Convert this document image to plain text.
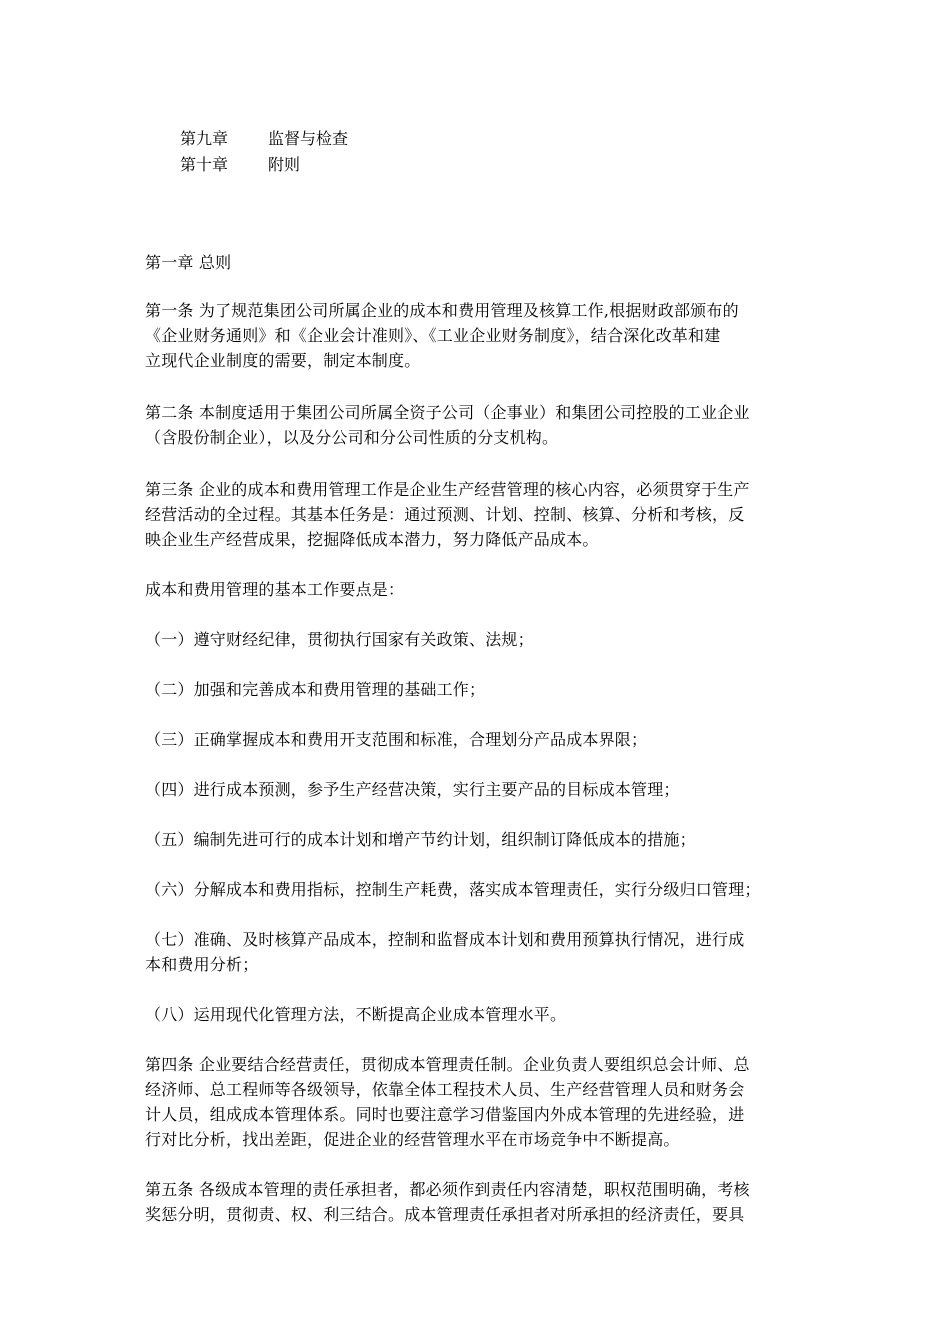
第九章 监督与检查
第十章 附则
第一章 总则
第一条 为了规范集团公司所属企业的成本和费用管理及核算工作,根据财政部颁布的
《企业财务通则》和《企业会计准则》、《工业企业财务制度》，结合深化改革和建
立现代企业制度的需要，制定本制度。
第二条 本制度适用于集团公司所属全资子公司（企事业）和集团公司控股的工业企业
（含股份制企业），以及分公司和分公司性质的分支机构。
第三条 企业的成本和费用管理工作是企业生产经营管理的核心内容，必须贯穿于生产
经营活动的全过程。其基本任务是：通过预测、计划、控制、核算、分析和考核，反
映企业生产经营成果，挖掘降低成本潜力，努力降低产品成本。
成本和费用管理的基本工作要点是：
（一）遵守财经纪律，贯彻执行国家有关政策、法规；
（二）加强和完善成本和费用管理的基础工作；
（三）正确掌握成本和费用开支范围和标准，合理划分产品成本界限；
（四）进行成本预测，参予生产经营决策，实行主要产品的目标成本管理；
（五）编制先进可行的成本计划和增产节约计划，组织制订降低成本的措施；
（六）分解成本和费用指标，控制生产耗费，落实成本管理责任，实行分级归口管理；
（七）准确、及时核算产品成本，控制和监督成本计划和费用预算执行情况，进行成
本和费用分析；
（八）运用现代化管理方法，不断提高企业成本管理水平。
第四条 企业要结合经营责任，贯彻成本管理责任制。企业负责人要组织总会计师、总
经济师、总工程师等各级领导，依靠全体工程技术人员、生产经营管理人员和财务会
计人员，组成成本管理体系。同时也要注意学习借鉴国内外成本管理的先进经验，进
行对比分析，找出差距，促进企业的经营管理水平在市场竞争中不断提高。
第五条 各级成本管理的责任承担者，都必须作到责任内容清楚，职权范围明确，考核
奖惩分明，贯彻责、权、利三结合。成本管理责任承担者对所承担的经济责任，要具
